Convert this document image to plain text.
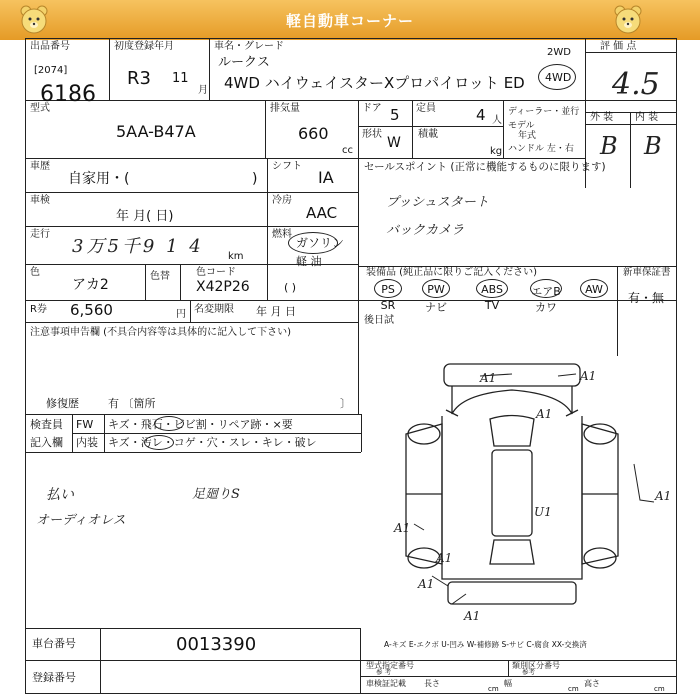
軽自動車コーナー
出品番号
[2074]
6186
初度登録年月
R3 11
月
車名・グレード
ルークス
4WD ハイウェイスターXプロパイロット ED
2WD
4WD
評 価 点
4.5
型式
5AA-B47A
排気量
660
cc
ドア 5 定員	4 人
形状
W
積載
kg
ディーラー・並行
モデル
年式
ハンドル 左・右
外 装 内 装
B B
車歴
自家用・(	)
シフト
IA
車検
年 月( 日)
冷房
AAC
走行
3万5千9 1 4 km
燃料
ガソリン
軽 油
( )
色
アカ2
色替	色コード
X42P26
セールスポイント (正常に機能するものに限ります)
プッシュスタート
バックカメラ
装備品 (純正品に限りご記入ください)	新車保証書
有・無
PS	PW	ABS	エアB	AW
SR	ナビ	TV	カワ
R券 6,560	円 名変期限 年 月 日
後日試
注意事項申告欄 (不具合内容等は具体的に記入して下さい)
修復歴	有 〔箇所	〕
検査員
記入欄
FW キズ・飛石・ビビ割・リペア跡・×要
内装 キズ・汚レ・コゲ・穴・スレ・キレ・破レ
払い
オーディオレス
足廻りS
A1	A1
A1
U1
A1
A1
A1
A1
A1
A-キズ E-エクボ U-凹み W-補修跡 S-サビ C-腐食 XX-交換済
車台番号	0013390
登録番号
型式指定番号
参 考
類別区分番号
参考
車検証記載 長さ
cm
幅
cm
高さ
cm
